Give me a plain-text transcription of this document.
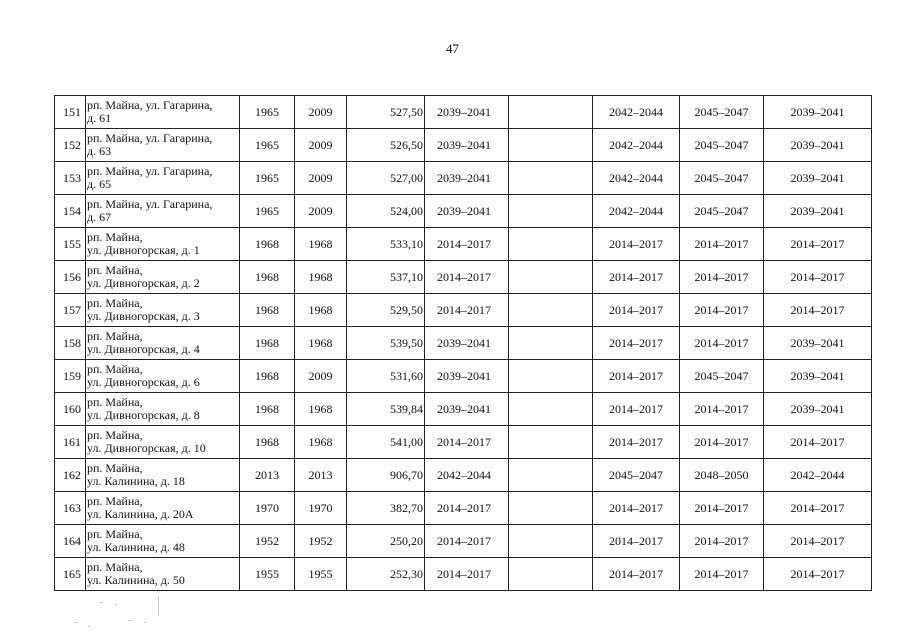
47
151	рп. Майна, ул. Гагарина,
д. 61	1965	2009	527,50	2039–2041		2042–2044	2045–2047	2039–2041
152	рп. Майна, ул. Гагарина,
д. 63	1965	2009	526,50	2039–2041		2042–2044	2045–2047	2039–2041
153	рп. Майна, ул. Гагарина,
д. 65	1965	2009	527,00	2039–2041		2042–2044	2045–2047	2039–2041
154	рп. Майна, ул. Гагарина,
д. 67	1965	2009	524,00	2039–2041		2042–2044	2045–2047	2039–2041
155	рп. Майна,
ул. Дивногорская, д. 1	1968	1968	533,10	2014–2017		2014–2017	2014–2017	2014–2017
156	рп. Майна,
ул. Дивногорская, д. 2	1968	1968	537,10	2014–2017		2014–2017	2014–2017	2014–2017
157	рп. Майна,
ул. Дивногорская, д. 3	1968	1968	529,50	2014–2017		2014–2017	2014–2017	2014–2017
158	рп. Майна,
ул. Дивногорская, д. 4	1968	1968	539,50	2039–2041		2014–2017	2014–2017	2039–2041
159	рп. Майна,
ул. Дивногорская, д. 6	1968	2009	531,60	2039–2041		2014–2017	2045–2047	2039–2041
160	рп. Майна,
ул. Дивногорская, д. 8	1968	1968	539,84	2039–2041		2014–2017	2014–2017	2039–2041
161	рп. Майна,
ул. Дивногорская, д. 10	1968	1968	541,00	2014–2017		2014–2017	2014–2017	2014–2017
162	рп. Майна,
ул. Калинина, д. 18	2013	2013	906,70	2042–2044		2045–2047	2048–2050	2042–2044
163	рп. Майна,
ул. Калинина, д. 20А	1970	1970	382,70	2014–2017		2014–2017	2014–2017	2014–2017
164	рп. Майна,
ул. Калинина, д. 48	1952	1952	250,20	2014–2017		2014–2017	2014–2017	2014–2017
165	рп. Майна,
ул. Калинина, д. 50	1955	1955	252,30	2014–2017		2014–2017	2014–2017	2014–2017
